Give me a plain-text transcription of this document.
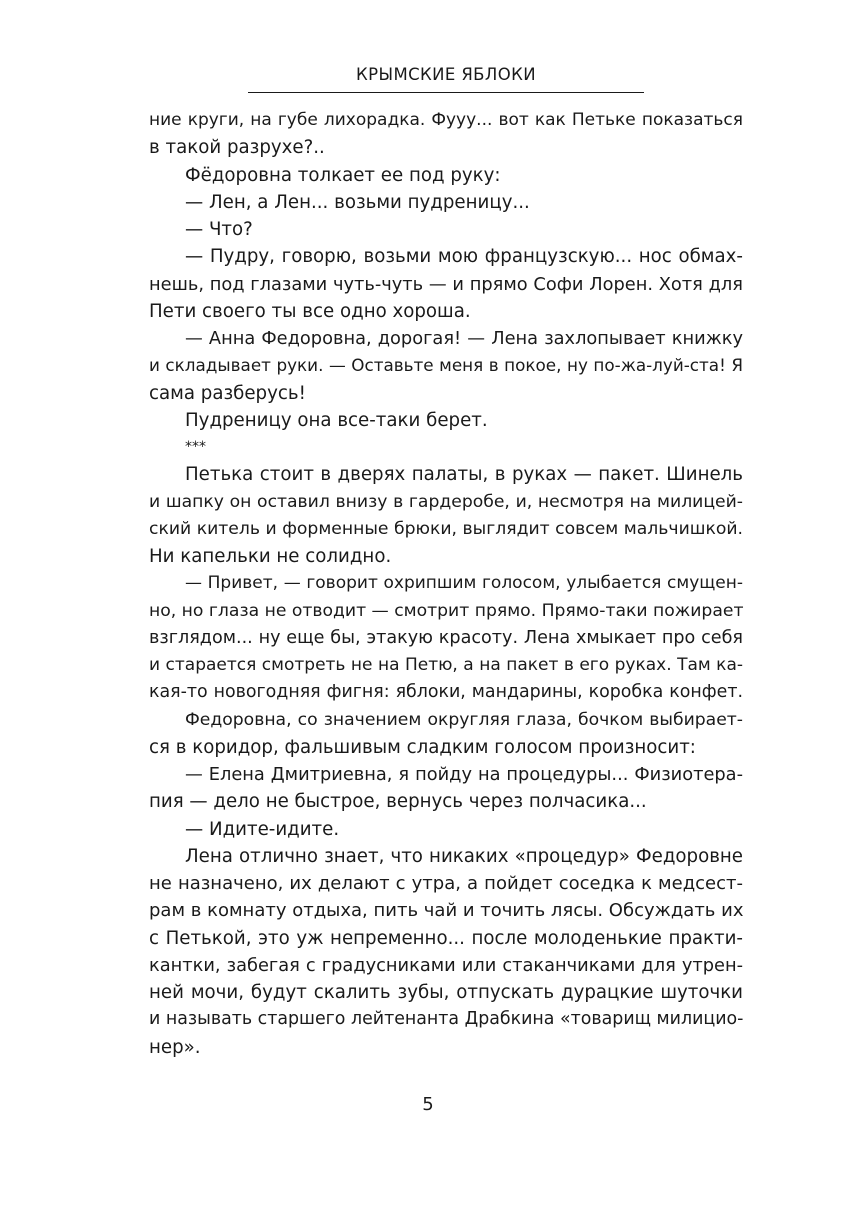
КРЫМСКИЕ ЯБЛОКИ
ние круги, на губе лихорадка. Фууу... вот как Петьке показаться
в такой разрухе?..
Фёдоровна толкает ее под руку:
— Лен, а Лен... возьми пудреницу...
— Что?
— Пудру, говорю, возьми мою французскую... нос обмах-
нешь, под глазами чуть-чуть — и прямо Софи Лорен. Хотя для
Пети своего ты все одно хороша.
— Анна Федоровна, дорогая! — Лена захлопывает книжку
и складывает руки. — Оставьте меня в покое, ну по-жа-луй-ста! Я
сама разберусь!
Пудреницу она все-таки берет.
***
Петька стоит в дверях палаты, в руках — пакет. Шинель
и шапку он оставил внизу в гардеробе, и, несмотря на милицей-
ский китель и форменные брюки, выглядит совсем мальчишкой.
Ни капельки не солидно.
— Привет, — говорит охрипшим голосом, улыбается смущен-
но, но глаза не отводит — смотрит прямо. Прямо-таки пожирает
взглядом... ну еще бы, этакую красоту. Лена хмыкает про себя
и старается смотреть не на Петю, а на пакет в его руках. Там ка-
кая-то новогодняя фигня: яблоки, мандарины, коробка конфет.
Федоровна, со значением округляя глаза, бочком выбирает-
ся в коридор, фальшивым сладким голосом произносит:
— Елена Дмитриевна, я пойду на процедуры... Физиотера-
пия — дело не быстрое, вернусь через полчасика...
— Идите-идите.
Лена отлично знает, что никаких «процедур» Федоровне
не назначено, их делают с утра, а пойдет соседка к медсест-
рам в комнату отдыха, пить чай и точить лясы. Обсуждать их
с Петькой, это уж непременно... после молоденькие практи-
кантки, забегая с градусниками или стаканчиками для утрен-
ней мочи, будут скалить зубы, отпускать дурацкие шуточки
и называть старшего лейтенанта Драбкина «товарищ милицио-
нер».
5
